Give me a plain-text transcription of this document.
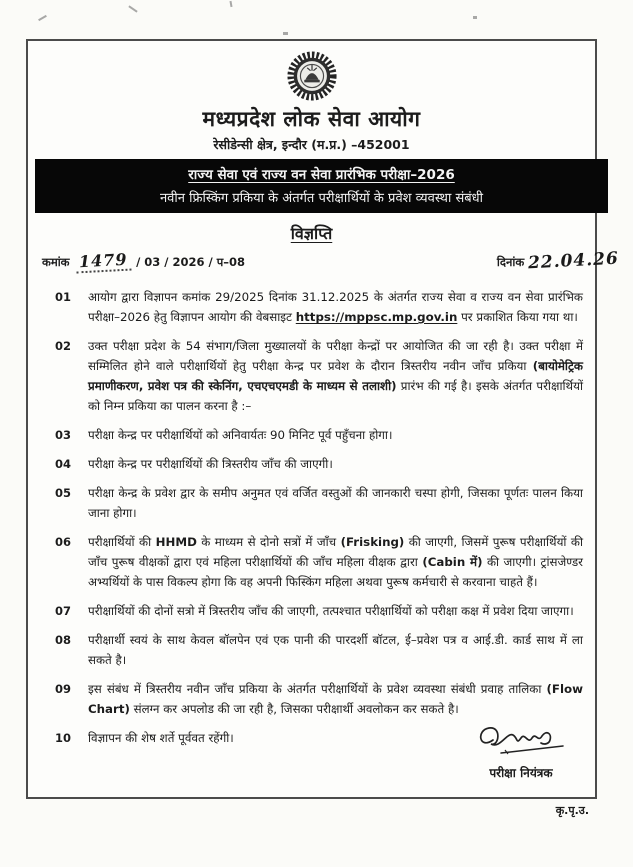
मध्यप्रदेश लोक सेवा आयोग
रेसीडेन्सी क्षेत्र, इन्दौर (म.प्र.) –452001
राज्य सेवा एवं राज्य वन सेवा प्रारंभिक परीक्षा–2026
नवीन फ्रिस्किंग प्रकिया के अंतर्गत परीक्षार्थियों के प्रवेश व्यवस्था संबंधी
विज्ञप्ति
कमांक 1479 / 03 / 2026 / प–08	दिनांक 22.04.26
01	आयोग द्वारा विज्ञापन कमांक 29/2025 दिनांक 31.12.2025 के अंतर्गत राज्य सेवा व राज्य वन सेवा प्रारंभिक परीक्षा–2026 हेतु विज्ञापन आयोग की वेबसाइट https://mppsc.mp.gov.in पर प्रकाशित किया गया था।
02	उक्त परीक्षा प्रदेश के 54 संभाग/जिला मुख्यालयों के परीक्षा केन्द्रों पर आयोजित की जा रही है। उक्त परीक्षा में सम्मिलित होने वाले परीक्षार्थियों हेतु परीक्षा केन्द्र पर प्रवेश के दौरान त्रिस्तरीय नवीन जाँच प्रकिया (बायोमेट्रिक प्रमाणीकरण, प्रवेश पत्र की स्केनिंग, एचएचएमडी के माध्यम से तलाशी) प्रारंभ की गई है। इसके अंतर्गत परीक्षार्थियों को निम्न प्रकिया का पालन करना है :–
03	परीक्षा केन्द्र पर परीक्षार्थियों को अनिवार्यतः 90 मिनिट पूर्व पहुँचना होगा।
04	परीक्षा केन्द्र पर परीक्षार्थियों की त्रिस्तरीय जाँच की जाएगी।
05	परीक्षा केन्द्र के प्रवेश द्वार के समीप अनुमत एवं वर्जित वस्तुओं की जानकारी चस्पा होगी, जिसका पूर्णतः पालन किया जाना होगा।
06	परीक्षार्थियों की HHMD के माध्यम से दोनो सत्रों में जाँच (Frisking) की जाएगी, जिसमें पुरूष परीक्षार्थियों की जाँच पुरूष वीक्षकों द्वारा एवं महिला परीक्षार्थियों की जाँच महिला वीक्षक द्वारा (Cabin में) की जाएगी। ट्रांसजेण्डर अभ्यर्थियों के पास विकल्प होगा कि वह अपनी फिस्किंग महिला अथवा पुरूष कर्मचारी से करवाना चाहते हैं।
07	परीक्षार्थियों की दोनों सत्रो में त्रिस्तरीय जाँच की जाएगी, तत्पश्चात परीक्षार्थियों को परीक्षा कक्ष में प्रवेश दिया जाएगा।
08	परीक्षार्थी स्वयं के साथ केवल बॉलपेन एवं एक पानी की पारदर्शी बॉटल, ई–प्रवेश पत्र व आई.डी. कार्ड साथ में ला सकते है।
09	इस संबंध में त्रिस्तरीय नवीन जाँच प्रकिया के अंतर्गत परीक्षार्थियों के प्रवेश व्यवस्था संबंधी प्रवाह तालिका (Flow Chart) संलग्न कर अपलोड की जा रही है, जिसका परीक्षार्थी अवलोकन कर सकते है।
10	विज्ञापन की शेष शर्ते पूर्ववत रहेंगी।
परीक्षा नियंत्रक
कृ.पृ.उ.
